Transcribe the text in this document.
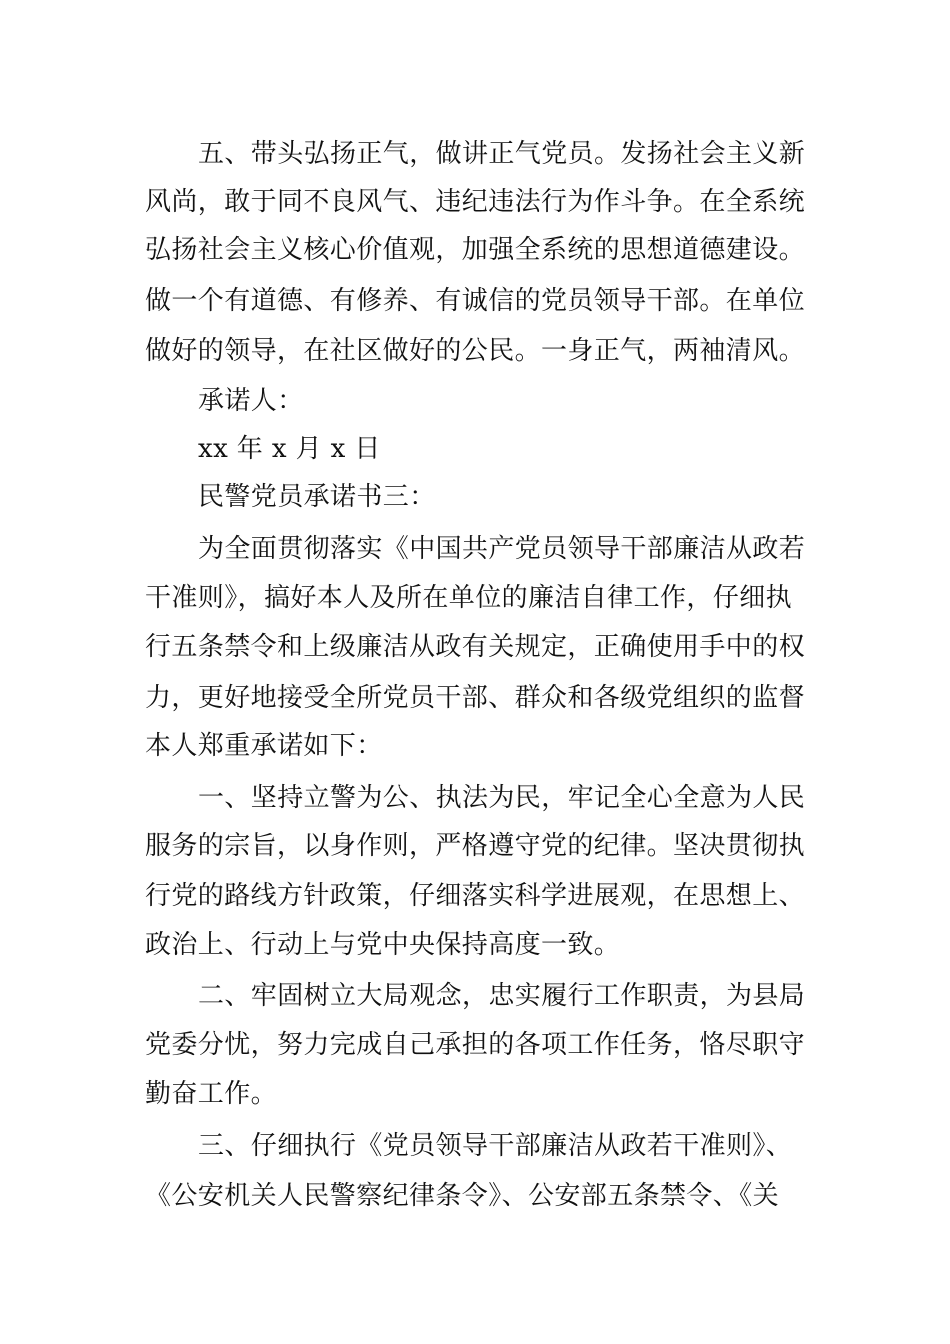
五、带头弘扬正气，做讲正气党员。发扬社会主义新
风尚，敢于同不良风气、违纪违法行为作斗争。在全系统
弘扬社会主义核心价值观，加强全系统的思想道德建设。
做一个有道德、有修养、有诚信的党员领导干部。在单位
做好的领导，在社区做好的公民。一身正气，两袖清风。
承诺人：
xx 年 x 月 x 日
民警党员承诺书三：
为全面贯彻落实《中国共产党员领导干部廉洁从政若
干准则》，搞好本人及所在单位的廉洁自律工作，仔细执
行五条禁令和上级廉洁从政有关规定，正确使用手中的权
力，更好地接受全所党员干部、群众和各级党组织的监督
本人郑重承诺如下：
一、坚持立警为公、执法为民，牢记全心全意为人民
服务的宗旨，以身作则，严格遵守党的纪律。坚决贯彻执
行党的路线方针政策，仔细落实科学进展观，在思想上、
政治上、行动上与党中央保持高度一致。
二、牢固树立大局观念，忠实履行工作职责，为县局
党委分忧，努力完成自己承担的各项工作任务，恪尽职守
勤奋工作。
三、仔细执行《党员领导干部廉洁从政若干准则》、
《公安机关人民警察纪律条令》、公安部五条禁令、《关
